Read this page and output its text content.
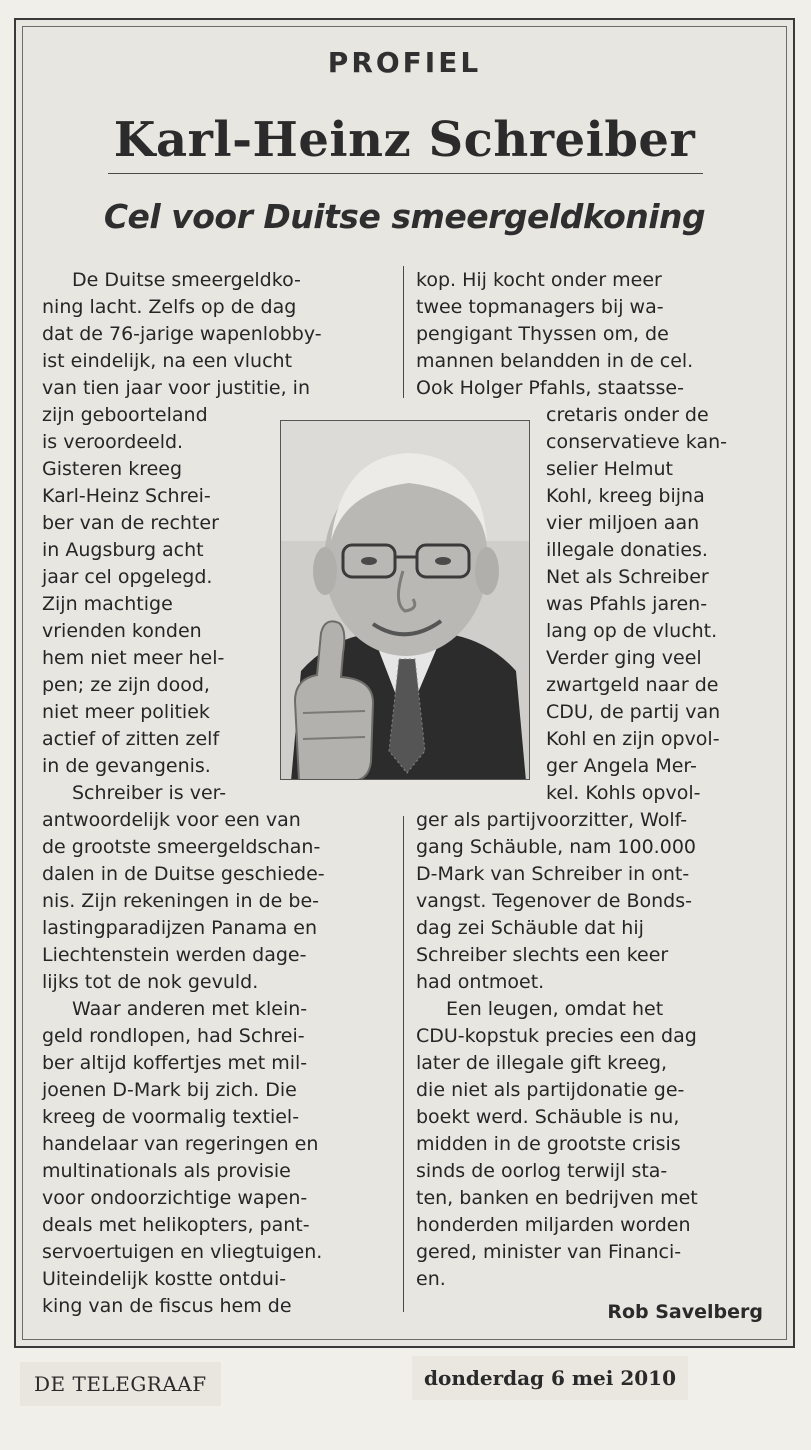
PROFIEL
Karl-Heinz Schreiber
Cel voor Duitse smeergeldkoning
De Duitse smeergeldko-
ning lacht. Zelfs op de dag
dat de 76-jarige wapenlobby-
ist eindelijk, na een vlucht
van tien jaar voor justitie, in
zijn geboorteland
is veroordeeld.
Gisteren kreeg
Karl-Heinz Schrei-
ber van de rechter
in Augsburg acht
jaar cel opgelegd.
Zijn machtige
vrienden konden
hem niet meer hel-
pen; ze zijn dood,
niet meer politiek
actief of zitten zelf
in de gevangenis.
Schreiber is ver-
antwoordelijk voor een van
de grootste smeergeldschan-
dalen in de Duitse geschiede-
nis. Zijn rekeningen in de be-
lastingparadijzen Panama en
Liechtenstein werden dage-
lijks tot de nok gevuld.
Waar anderen met klein-
geld rondlopen, had Schrei-
ber altijd koffertjes met mil-
joenen D-Mark bij zich. Die
kreeg de voormalig textiel-
handelaar van regeringen en
multinationals als provisie
voor ondoorzichtige wapen-
deals met helikopters, pant-
servoertuigen en vliegtuigen.
Uiteindelijk kostte ontdui-
king van de fiscus hem de
kop. Hij kocht onder meer
twee topmanagers bij wa-
pengigant Thyssen om, de
mannen belandden in de cel.
Ook Holger Pfahls, staatsse-
cretaris onder de
conservatieve kan-
selier Helmut
Kohl, kreeg bijna
vier miljoen aan
illegale donaties.
Net als Schreiber
was Pfahls jaren-
lang op de vlucht.
Verder ging veel
zwartgeld naar de
CDU, de partij van
Kohl en zijn opvol-
ger Angela Mer-
kel. Kohls opvol-
ger als partijvoorzitter, Wolf-
gang Schäuble, nam 100.000
D-Mark van Schreiber in ont-
vangst. Tegenover de Bonds-
dag zei Schäuble dat hij
Schreiber slechts een keer
had ontmoet.
Een leugen, omdat het
CDU-kopstuk precies een dag
later de illegale gift kreeg,
die niet als partijdonatie ge-
boekt werd. Schäuble is nu,
midden in de grootste crisis
sinds de oorlog terwijl sta-
ten, banken en bedrijven met
honderden miljarden worden
gered, minister van Financi-
en.
Rob Savelberg
DE TELEGRAAF	donderdag 6 mei 2010
